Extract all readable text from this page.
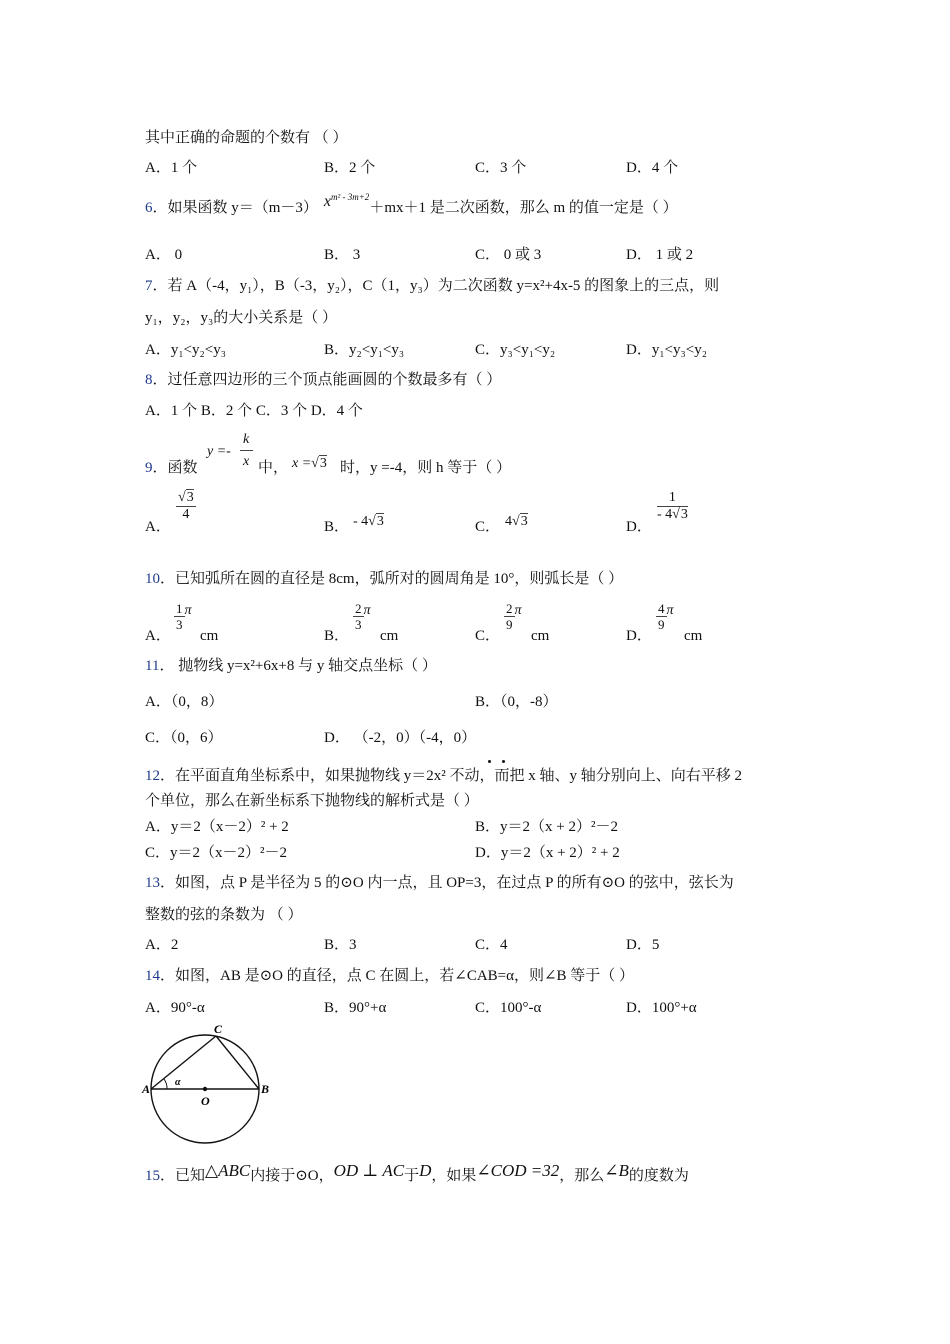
其中正确的命题的个数有 （ ）
A．1 个	B．2 个	C．3 个	D．4 个
6．如果函数 y＝（m－3） $x^{m^2 - 3m+2}+mx+1$ 是二次函数，那么 m 的值一定是（ ）
A． 0	B． 3	C． 0 或 3	D． 1 或 2
7．若 A（-4，y₁），B（-3，y₂），C（1，y₃）为二次函数 y=x²+4x-5 的图象上的三点，则
y₁，y₂，y₃的大小关系是（ ）
A．y₁<y₂<y₃	B．y₂<y₁<y₃	C．y₃<y₁<y₂	D．y₁<y₃<y₂
8．过任意四边形的三个顶点能画圆的个数最多有（ ）
A．1 个 B．2 个 C．3 个 D．4 个
9．函数
y =-
k
x 中， x =√3 时，y =-4，则 h 等于（ ）
A．
√3
4
B． - 4√3	C． 4√3	D．
1
- 4√3
10．已知弧所在圆的直径是 8cm，弧所对的圆周角是 10°，则弧长是（ ）
A．
$\frac{1}{3}$ π
cm	B．
$\frac{2}{3}$ π
cm	C．
$\frac{2}{9}$ π
cm	D．
$\frac{4}{9}$ π
cm
11． 抛物线 y=x²+6x+8 与 y 轴交点坐标（ ）
A．（0，8）	B．（0，-8）
C．（0，6）	D． （-2，0）（-4，0）
12．在平面直角坐标系中，如果抛物线 y＝2x² 不动，而把 x 轴、y 轴分别向上、向右平移 2
个单位，那么在新坐标系下抛物线的解析式是（ ）
A．y＝2（x－2）² + 2	B．y＝2（x + 2）²－2
C．y＝2（x－2）²－2	D．y＝2（x + 2）² + 2
13．如图，点 P 是半径为 5 的⊙O 内一点，且 OP=3，在过点 P 的所有⊙O 的弦中，弦长为
整数的弦的条数为 （ ）
A．2	B．3	C．4	D．5
14．如图，AB 是⊙O 的直径，点 C 在圆上，若∠CAB=α，则∠B 等于（ ）
A．90°-α	B．90°+α	C．100°-α	D．100°+α
C
A	B
O
α
15．已知△ABC内接于⊙O，OD ⊥ AC于D，如果∠COD =32，那么∠B的度数为
